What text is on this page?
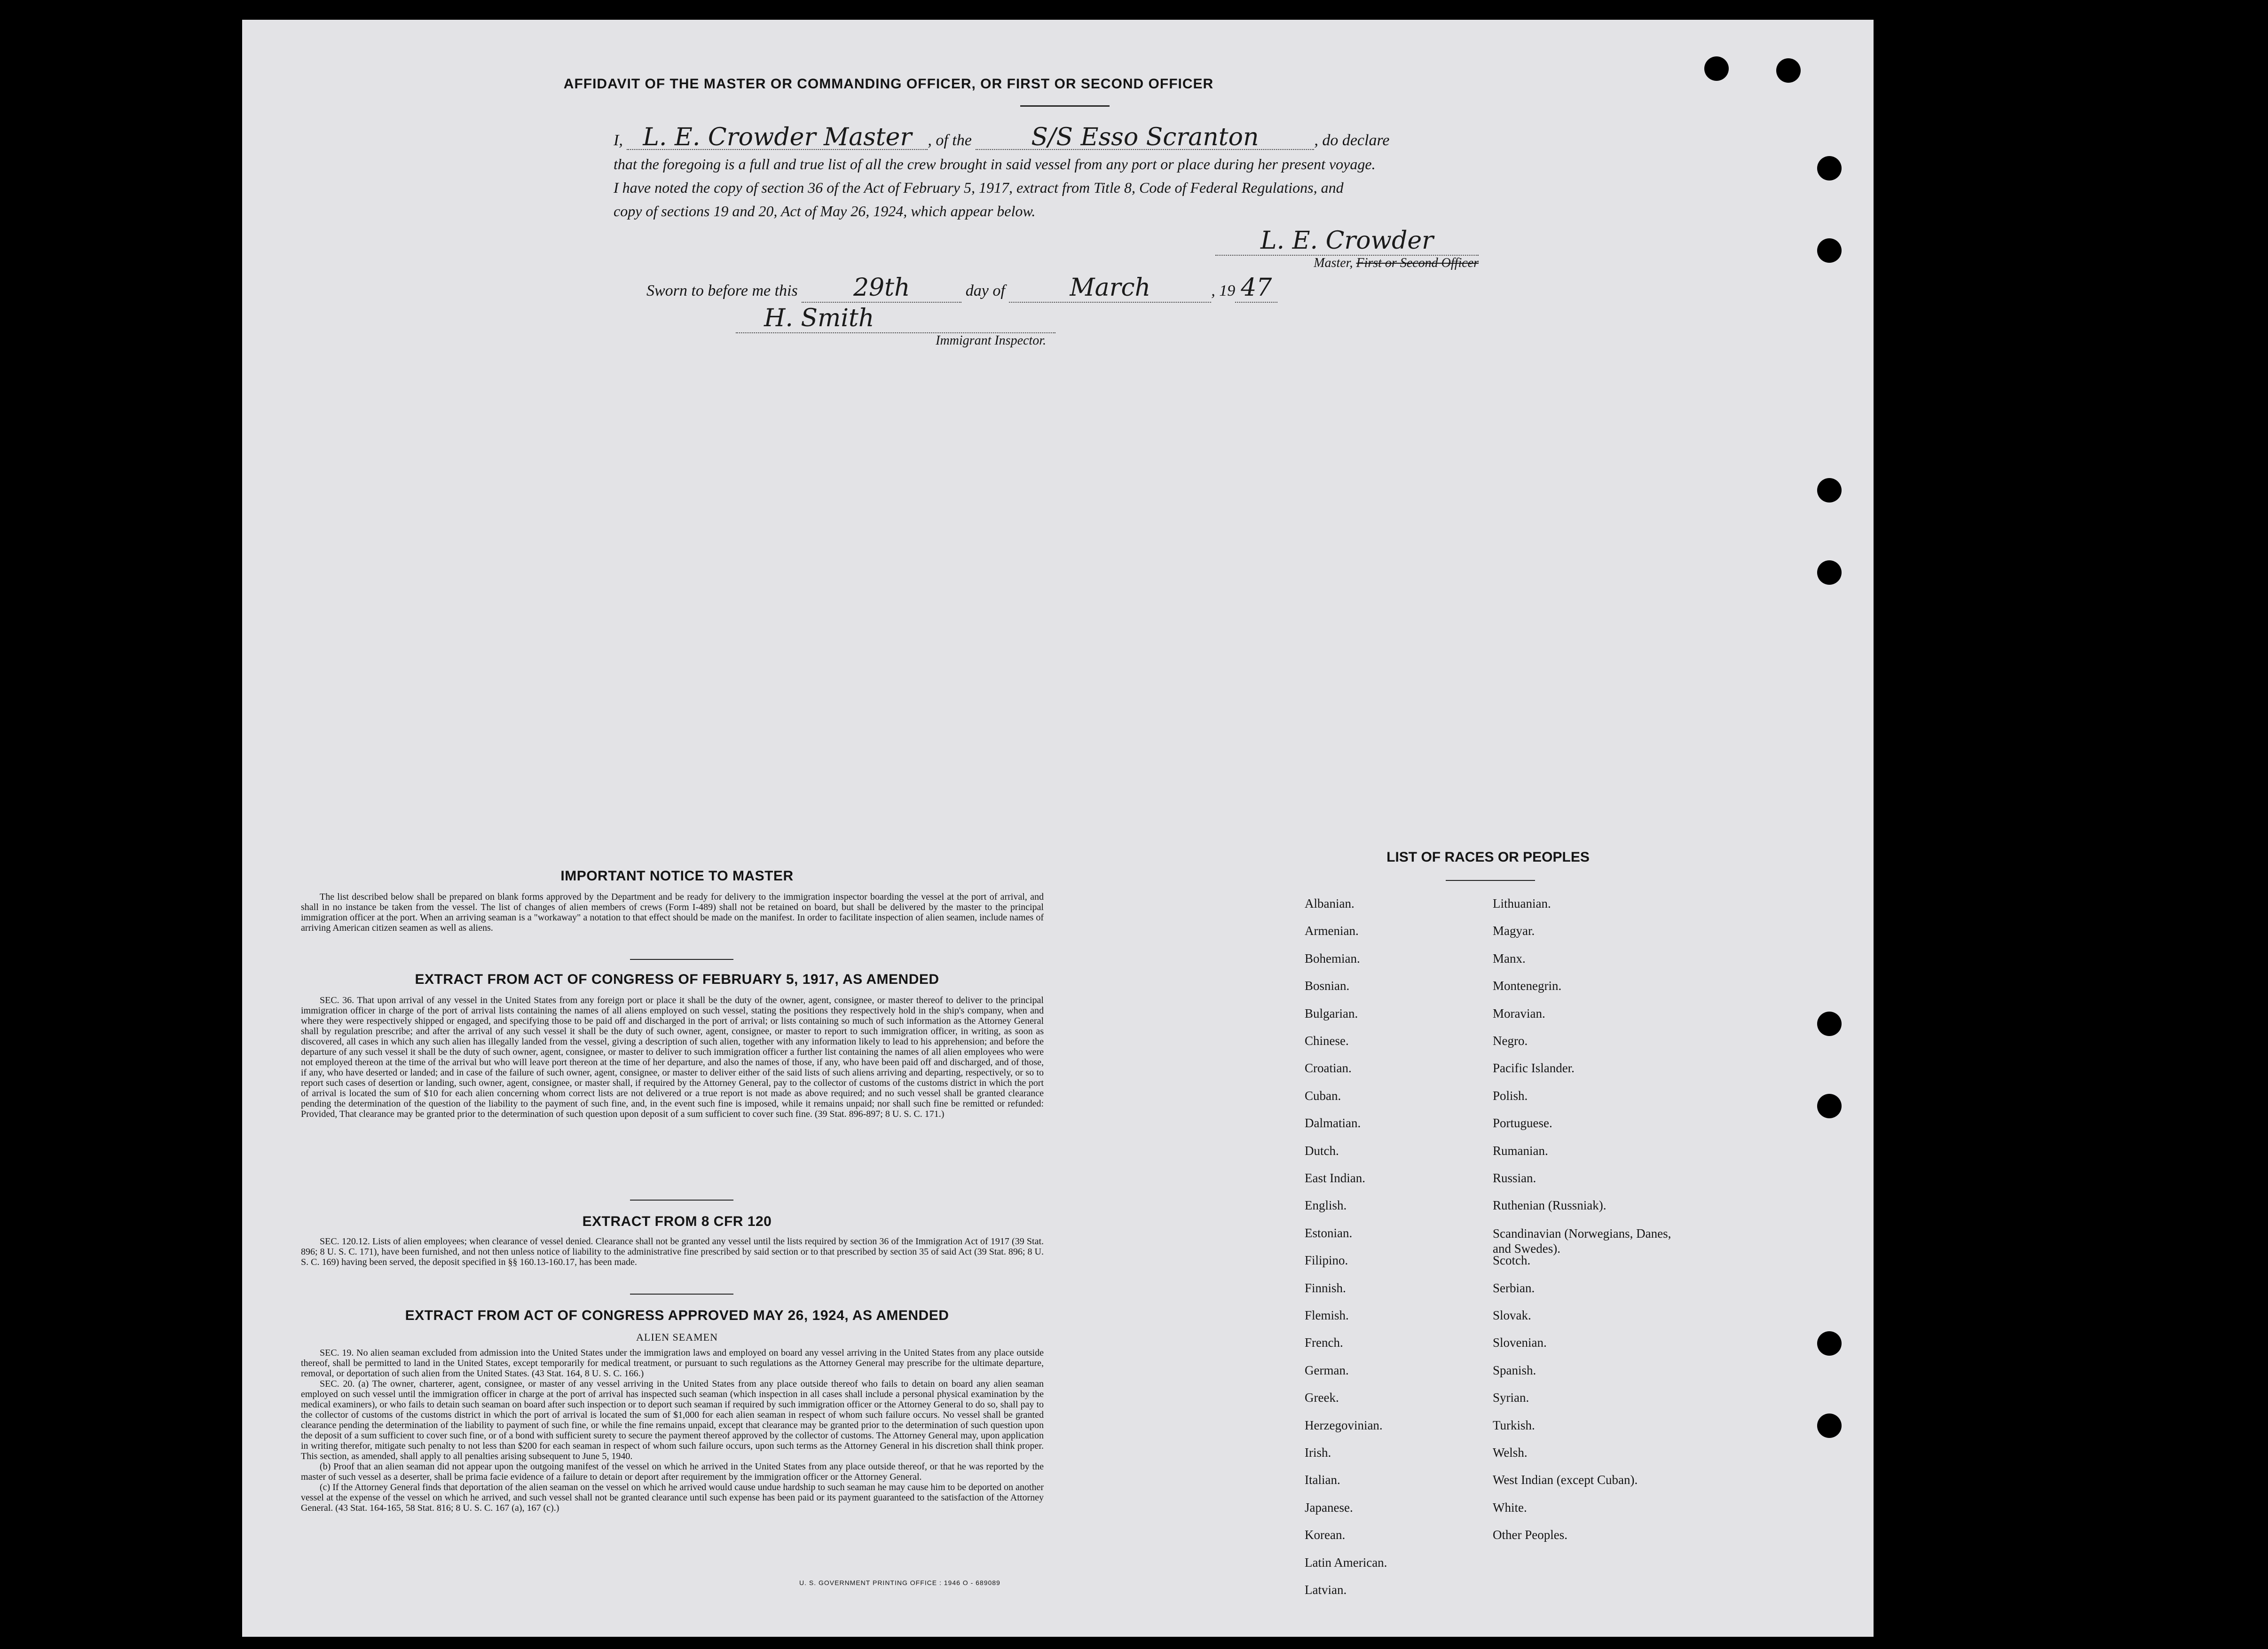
AFFIDAVIT OF THE MASTER OR COMMANDING OFFICER, OR FIRST OR SECOND OFFICER
I, L. E. Crowder Master , of the S/S Esso Scranton	, do declare
that the foregoing is a full and true list of all the crew brought in said vessel from any port or place during her present voyage.
I have noted the copy of section 36 of the Act of February 5, 1917, extract from Title 8, Code of Federal Regulations, and
copy of sections 19 and 20, Act of May 26, 1924, which appear below.
L. E. Crowder
Master, First or Second Officer
Sworn to before me this 29th	day of	March	, 19 47
H. Smith
Immigrant Inspector.
IMPORTANT NOTICE TO MASTER

The list described below shall be prepared on blank forms approved by the Department and be ready for delivery to the immigration inspector boarding the vessel at the port of arrival, and shall in no instance be taken from the vessel. The list of changes of alien members of crews (Form I-489) shall not be retained on board, but shall be delivered by the master to the principal immigration officer at the port. When an arriving seaman is a "workaway" a notation to that effect should be made on the manifest. In order to facilitate inspection of alien seamen, include names of arriving American citizen seamen as well as aliens.

EXTRACT FROM ACT OF CONGRESS OF FEBRUARY 5, 1917, AS AMENDED

SEC. 36. That upon arrival of any vessel in the United States from any foreign port or place it shall be the duty of the owner, agent, consignee, or master thereof to deliver to the principal immigration officer in charge of the port of arrival lists containing the names of all aliens employed on such vessel, stating the positions they respectively hold in the ship's company, when and where they were respectively shipped or engaged, and specifying those to be paid off and discharged in the port of arrival; or lists containing so much of such information as the Attorney General shall by regulation prescribe; and after the arrival of any such vessel it shall be the duty of such owner, agent, consignee, or master to report to such immigration officer, in writing, as soon as discovered, all cases in which any such alien has illegally landed from the vessel, giving a description of such alien, together with any information likely to lead to his apprehension; and before the departure of any such vessel it shall be the duty of such owner, agent, consignee, or master to deliver to such immigration officer a further list containing the names of all alien employees who were not employed thereon at the time of the arrival but who will leave port thereon at the time of her departure, and also the names of those, if any, who have been paid off and discharged, and of those, if any, who have deserted or landed; and in case of the failure of such owner, agent, consignee, or master to deliver either of the said lists of such aliens arriving and departing, respectively, or so to report such cases of desertion or landing, such owner, agent, consignee, or master shall, if required by the Attorney General, pay to the collector of customs of the customs district in which the port of arrival is located the sum of $10 for each alien concerning whom correct lists are not delivered or a true report is not made as above required; and no such vessel shall be granted clearance pending the determination of the question of the liability to the payment of such fine, and, in the event such fine is imposed, while it remains unpaid; nor shall such fine be remitted or refunded: Provided, That clearance may be granted prior to the determination of such question upon deposit of a sum sufficient to cover such fine. (39 Stat. 896-897; 8 U. S. C. 171.)

EXTRACT FROM 8 CFR 120

SEC. 120.12. Lists of alien employees; when clearance of vessel denied. Clearance shall not be granted any vessel until the lists required by section 36 of the Immigration Act of 1917 (39 Stat. 896; 8 U. S. C. 171), have been furnished, and not then unless notice of liability to the administrative fine prescribed by said section or to that prescribed by section 35 of said Act (39 Stat. 896; 8 U. S. C. 169) having been served, the deposit specified in §§ 160.13-160.17, has been made.

EXTRACT FROM ACT OF CONGRESS APPROVED MAY 26, 1924, AS AMENDED
ALIEN SEAMEN

SEC. 19. No alien seaman excluded from admission into the United States under the immigration laws and employed on board any vessel arriving in the United States from any place outside thereof, shall be permitted to land in the United States, except temporarily for medical treatment, or pursuant to such regulations as the Attorney General may prescribe for the ultimate departure, removal, or deportation of such alien from the United States. (43 Stat. 164, 8 U. S. C. 166.)

SEC. 20. (a) The owner, charterer, agent, consignee, or master of any vessel arriving in the United States from any place outside thereof who fails to detain on board any alien seaman employed on such vessel until the immigration officer in charge at the port of arrival has inspected such seaman (which inspection in all cases shall include a personal physical examination by the medical examiners), or who fails to detain such seaman on board after such inspection or to deport such seaman if required by such immigration officer or the Attorney General to do so, shall pay to the collector of customs of the customs district in which the port of arrival is located the sum of $1,000 for each alien seaman in respect of whom such failure occurs. No vessel shall be granted clearance pending the determination of the liability to payment of such fine, or while the fine remains unpaid, except that clearance may be granted prior to the determination of such question upon the deposit of a sum sufficient to cover such fine, or of a bond with sufficient surety to secure the payment thereof approved by the collector of customs. The Attorney General may, upon application in writing therefor, mitigate such penalty to not less than $200 for each seaman in respect of whom such failure occurs, upon such terms as the Attorney General in his discretion shall think proper. This section, as amended, shall apply to all penalties arising subsequent to June 5, 1940.

(b) Proof that an alien seaman did not appear upon the outgoing manifest of the vessel on which he arrived in the United States from any place outside thereof, or that he was reported by the master of such vessel as a deserter, shall be prima facie evidence of a failure to detain or deport after requirement by the immigration officer or the Attorney General.

(c) If the Attorney General finds that deportation of the alien seaman on the vessel on which he arrived would cause undue hardship to such seaman he may cause him to be deported on another vessel at the expense of the vessel on which he arrived, and such vessel shall not be granted clearance until such expense has been paid or its payment guaranteed to the satisfaction of the Attorney General. (43 Stat. 164-165, 58 Stat. 816; 8 U. S. C. 167 (a), 167 (c).)

U. S. GOVERNMENT PRINTING OFFICE : 1946 O - 689089
LIST OF RACES OR PEOPLES
Albanian.
Armenian.
Bohemian.
Bosnian.
Bulgarian.
Chinese.
Croatian.
Cuban.
Dalmatian.
Dutch.
East Indian.
English.
Estonian.
Filipino.
Finnish.
Flemish.
French.
German.
Greek.
Herzegovinian.
Irish.
Italian.
Japanese.
Korean.
Latin American.
Latvian.
Lithuanian.
Magyar.
Manx.
Montenegrin.
Moravian.
Negro.
Pacific Islander.
Polish.
Portuguese.
Rumanian.
Russian.
Ruthenian (Russniak).
Scandinavian (Norwegians, Danes, and Swedes).
Scotch.
Serbian.
Slovak.
Slovenian.
Spanish.
Syrian.
Turkish.
Welsh.
West Indian (except Cuban).
White.
Other Peoples.
